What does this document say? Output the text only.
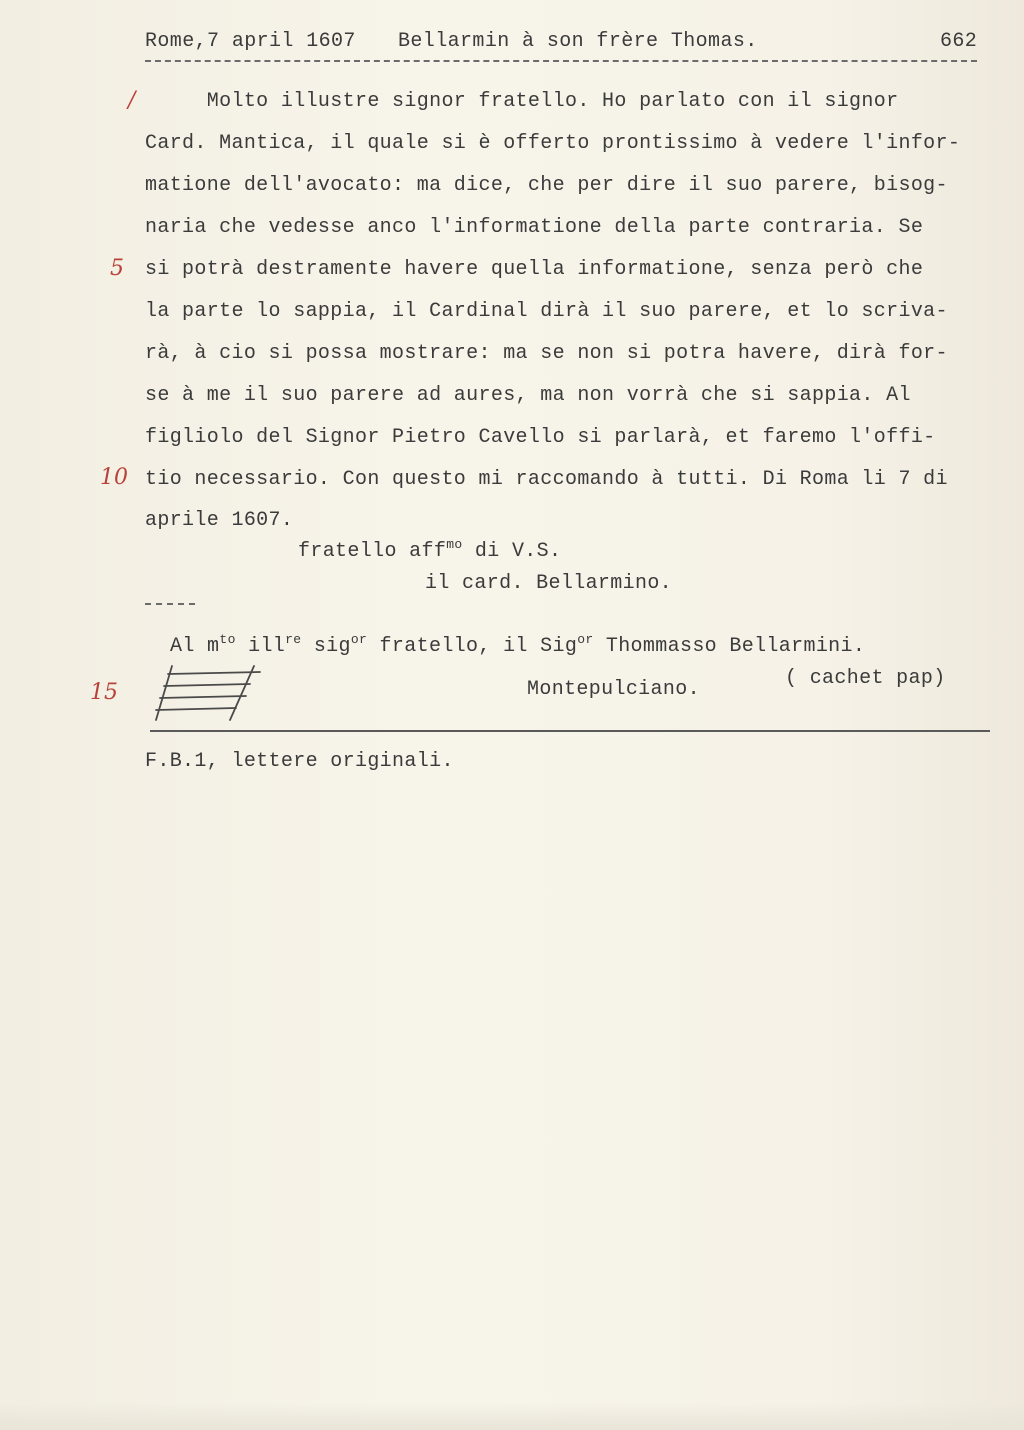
Rome,7 april 1607 Bellarmin à son frère Thomas.	662
/
5
10
15
Molto illustre signor fratello. Ho parlato con il signor
Card. Mantica, il quale si è offerto prontissimo à vedere l'infor-
matione dell'avocato: ma dice, che per dire il suo parere, bisog-
naria che vedesse anco l'informatione della parte contraria. Se
si potrà destramente havere quella informatione, senza però che
la parte lo sappia, il Cardinal dirà il suo parere, et lo scriva-
rà, à cio si possa mostrare: ma se non si potra havere, dirà for-
se à me il suo parere ad aures, ma non vorrà che si sappia. Al
figliolo del Signor Pietro Cavello si parlarà, et faremo l'offi-
tio necessario. Con questo mi raccomando à tutti. Di Roma li 7 di
aprile 1607.
fratello aff$^{mo}$ di V.S.
il card. Bellarmino.
Al $m^{to}$ ill$^{re}$ sig$^{or}$ fratello, il Sig$^{or}$ Thommasso Bellarmini.
Montepulciano.	( cachet pap)
F.B.1, lettere originali.
